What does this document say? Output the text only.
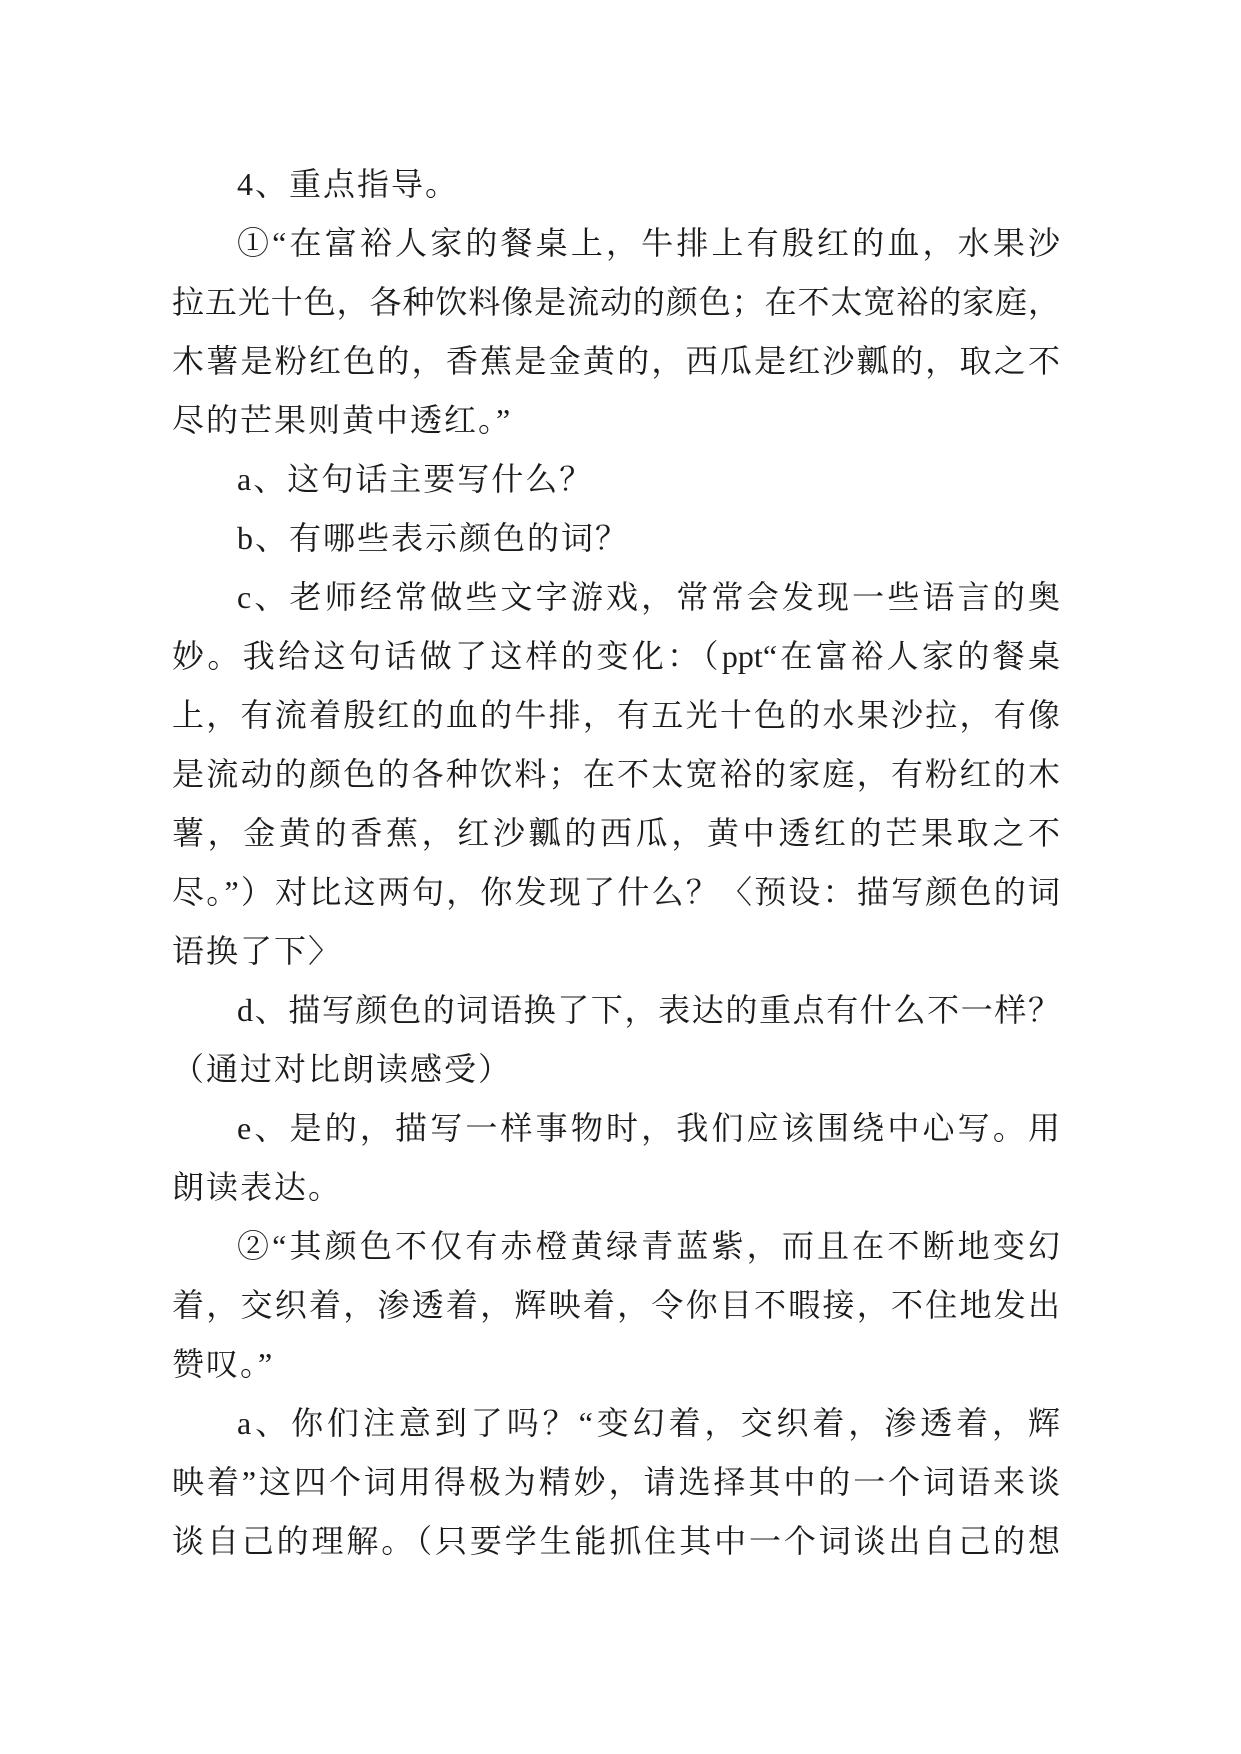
4、重点指导。
①“在富裕人家的餐桌上，牛排上有殷红的血，水果沙
拉五光十色，各种饮料像是流动的颜色；在不太宽裕的家庭，
木薯是粉红色的，香蕉是金黄的，西瓜是红沙瓤的，取之不
尽的芒果则黄中透红。”
a、这句话主要写什么？
b、有哪些表示颜色的词？
c、老师经常做些文字游戏，常常会发现一些语言的奥
妙。我给这句话做了这样的变化：（ppt“在富裕人家的餐桌
上，有流着殷红的血的牛排，有五光十色的水果沙拉，有像
是流动的颜色的各种饮料；在不太宽裕的家庭，有粉红的木
薯，金黄的香蕉，红沙瓤的西瓜，黄中透红的芒果取之不
尽。”）对比这两句，你发现了什么？〈预设：描写颜色的词
语换了下〉
d、描写颜色的词语换了下，表达的重点有什么不一样？
（通过对比朗读感受）
e、是的，描写一样事物时，我们应该围绕中心写。用
朗读表达。
②“其颜色不仅有赤橙黄绿青蓝紫，而且在不断地变幻
着，交织着，渗透着，辉映着，令你目不暇接，不住地发出
赞叹。”
a、你们注意到了吗？“变幻着，交织着，渗透着，辉
映着”这四个词用得极为精妙，请选择其中的一个词语来谈
谈自己的理解。（只要学生能抓住其中一个词谈出自己的想
